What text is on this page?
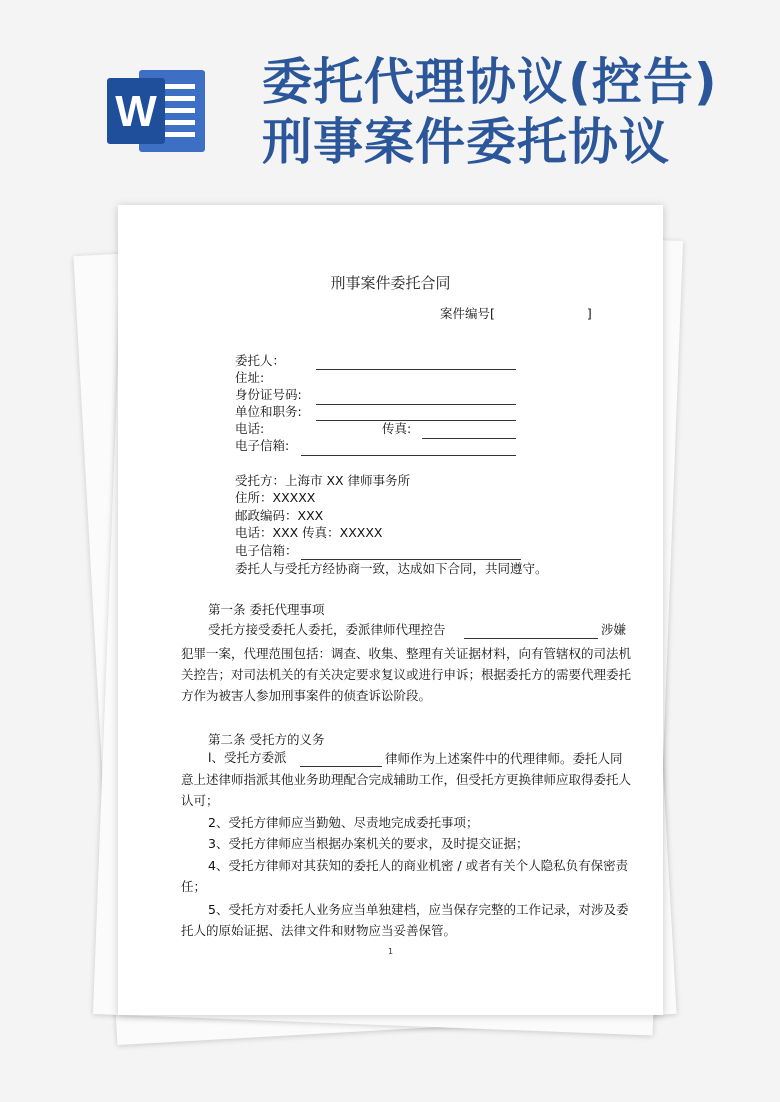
W
委托代理协议(控告)刑事案件委托协议
刑事案件委托合同
案件编号[	]
委托人：
住址:
身份证号码:
单位和职务:
电话:	传真:
电子信箱:
受托方：上海市 XX 律师事务所
住所：XXXXX
邮政编码：XXX
电话：XXX 传真：XXXXX
电子信箱：
委托人与受托方经协商一致，达成如下合同，共同遵守。
第一条 委托代理事项
受托方接受委托人委托，委派律师代理控告	涉嫌
犯罪一案，代理范围包括：调查、收集、整理有关证据材料，向有管辖权的司法机关控告；对司法机关的有关决定要求复议或进行申诉；根据委托方的需要代理委托方作为被害人参加刑事案件的侦查诉讼阶段。
第二条 受托方的义务
l、受托方委派	律师作为上述案件中的代理律师。委托人同意上述律师指派其他业务助理配合完成辅助工作，但受托方更换律师应取得委托人认可；
2、受托方律师应当勤勉、尽责地完成委托事项；
3、受托方律师应当根据办案机关的要求，及时提交证据；
4、受托方律师对其获知的委托人的商业机密 / 或者有关个人隐私负有保密责任；
5、受托方对委托人业务应当单独建档，应当保存完整的工作记录，对涉及委托人的原始证据、法律文件和财物应当妥善保管。
1
